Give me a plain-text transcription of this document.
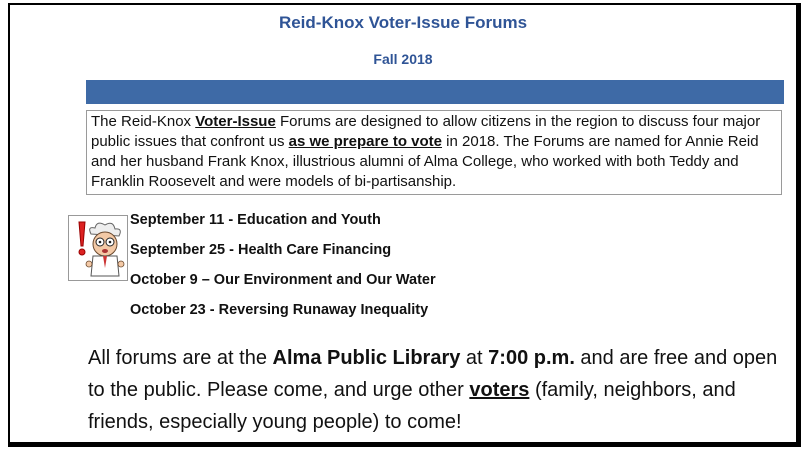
Reid-Knox Voter-Issue Forums
Fall 2018
The Reid-Knox Voter-Issue Forums are designed to allow citizens in the region to discuss four major public issues that confront us as we prepare to vote in 2018. The Forums are named for Annie Reid and her husband Frank Knox, illustrious alumni of Alma College, who worked with both Teddy and Franklin Roosevelt and were models of bi-partisanship.
September 11 - Education and Youth
September 25 - Health Care Financing
October 9 – Our Environment and Our Water
October 23 - Reversing Runaway Inequality
All forums are at the Alma Public Library at 7:00 p.m. and are free and open to the public. Please come, and urge other voters (family, neighbors, and friends, especially young people) to come!
